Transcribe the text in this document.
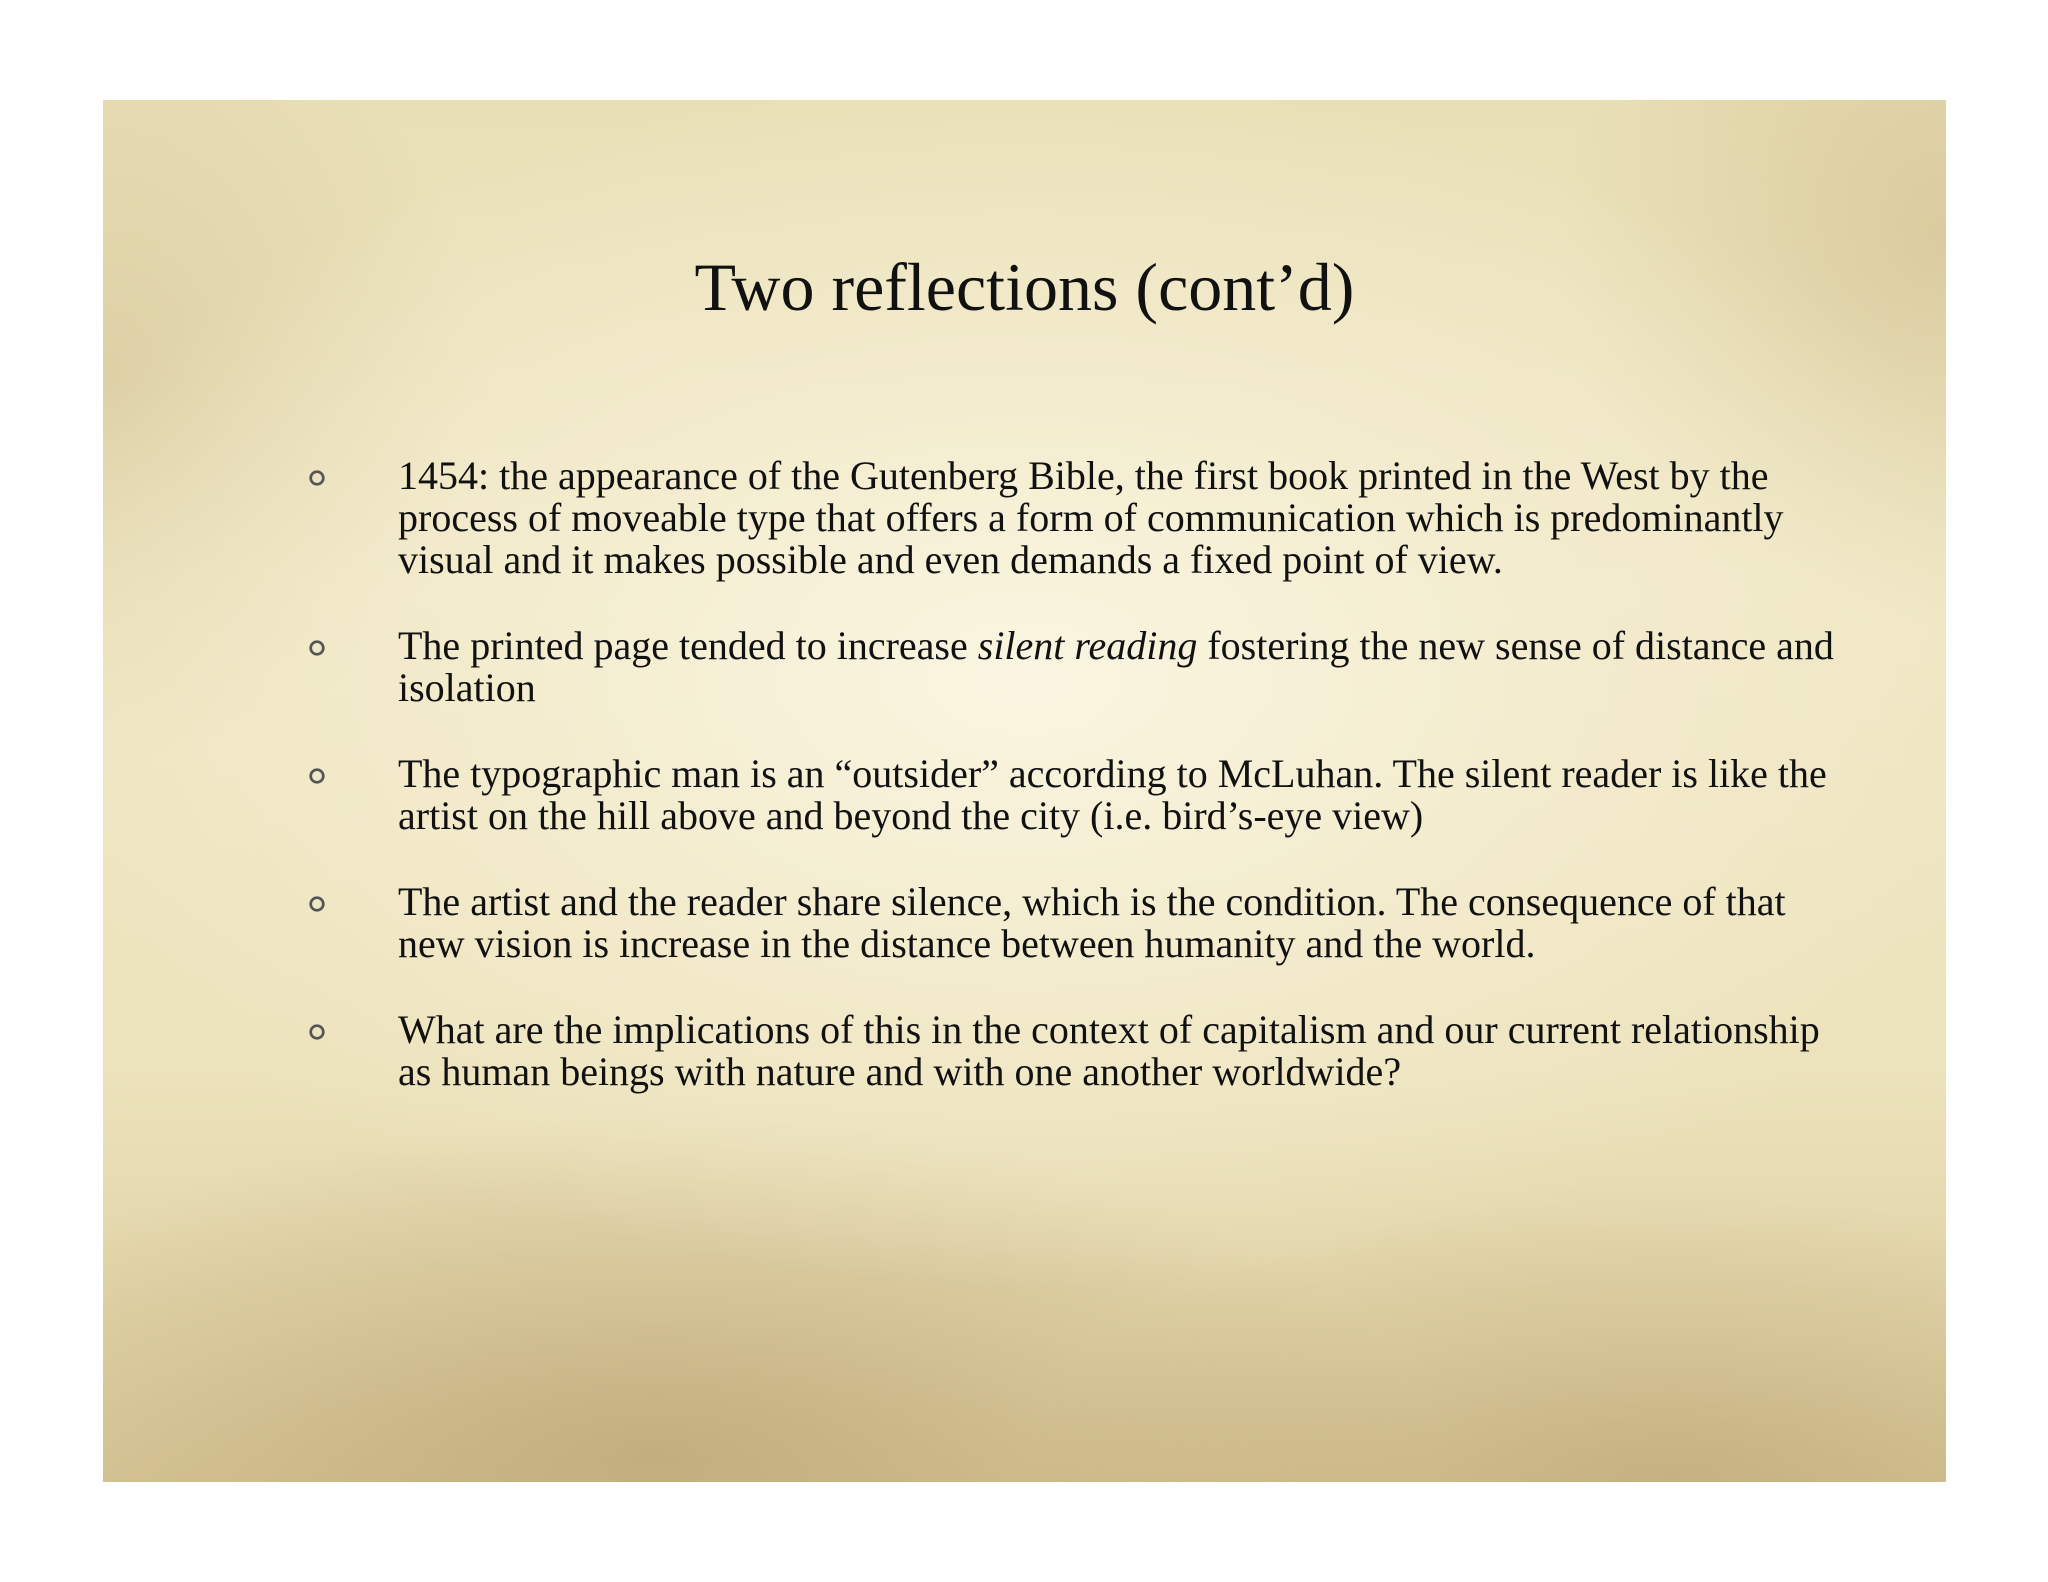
Two reflections (cont’d)
1454: the appearance of the Gutenberg Bible, the first book printed in the West by the process of moveable type that offers a form of communication which is predominantly visual and it makes possible and even demands a fixed point of view.
The printed page tended to increase silent reading fostering the new sense of distance and isolation
The typographic man is an “outsider” according to McLuhan. The silent reader is like the artist on the hill above and beyond the city (i.e. bird’s-eye view)
The artist and the reader share silence, which is the condition. The consequence of that new vision is increase in the distance between humanity and the world.
What are the implications of this in the context of capitalism and our current relationship as human beings with nature and with one another worldwide?
